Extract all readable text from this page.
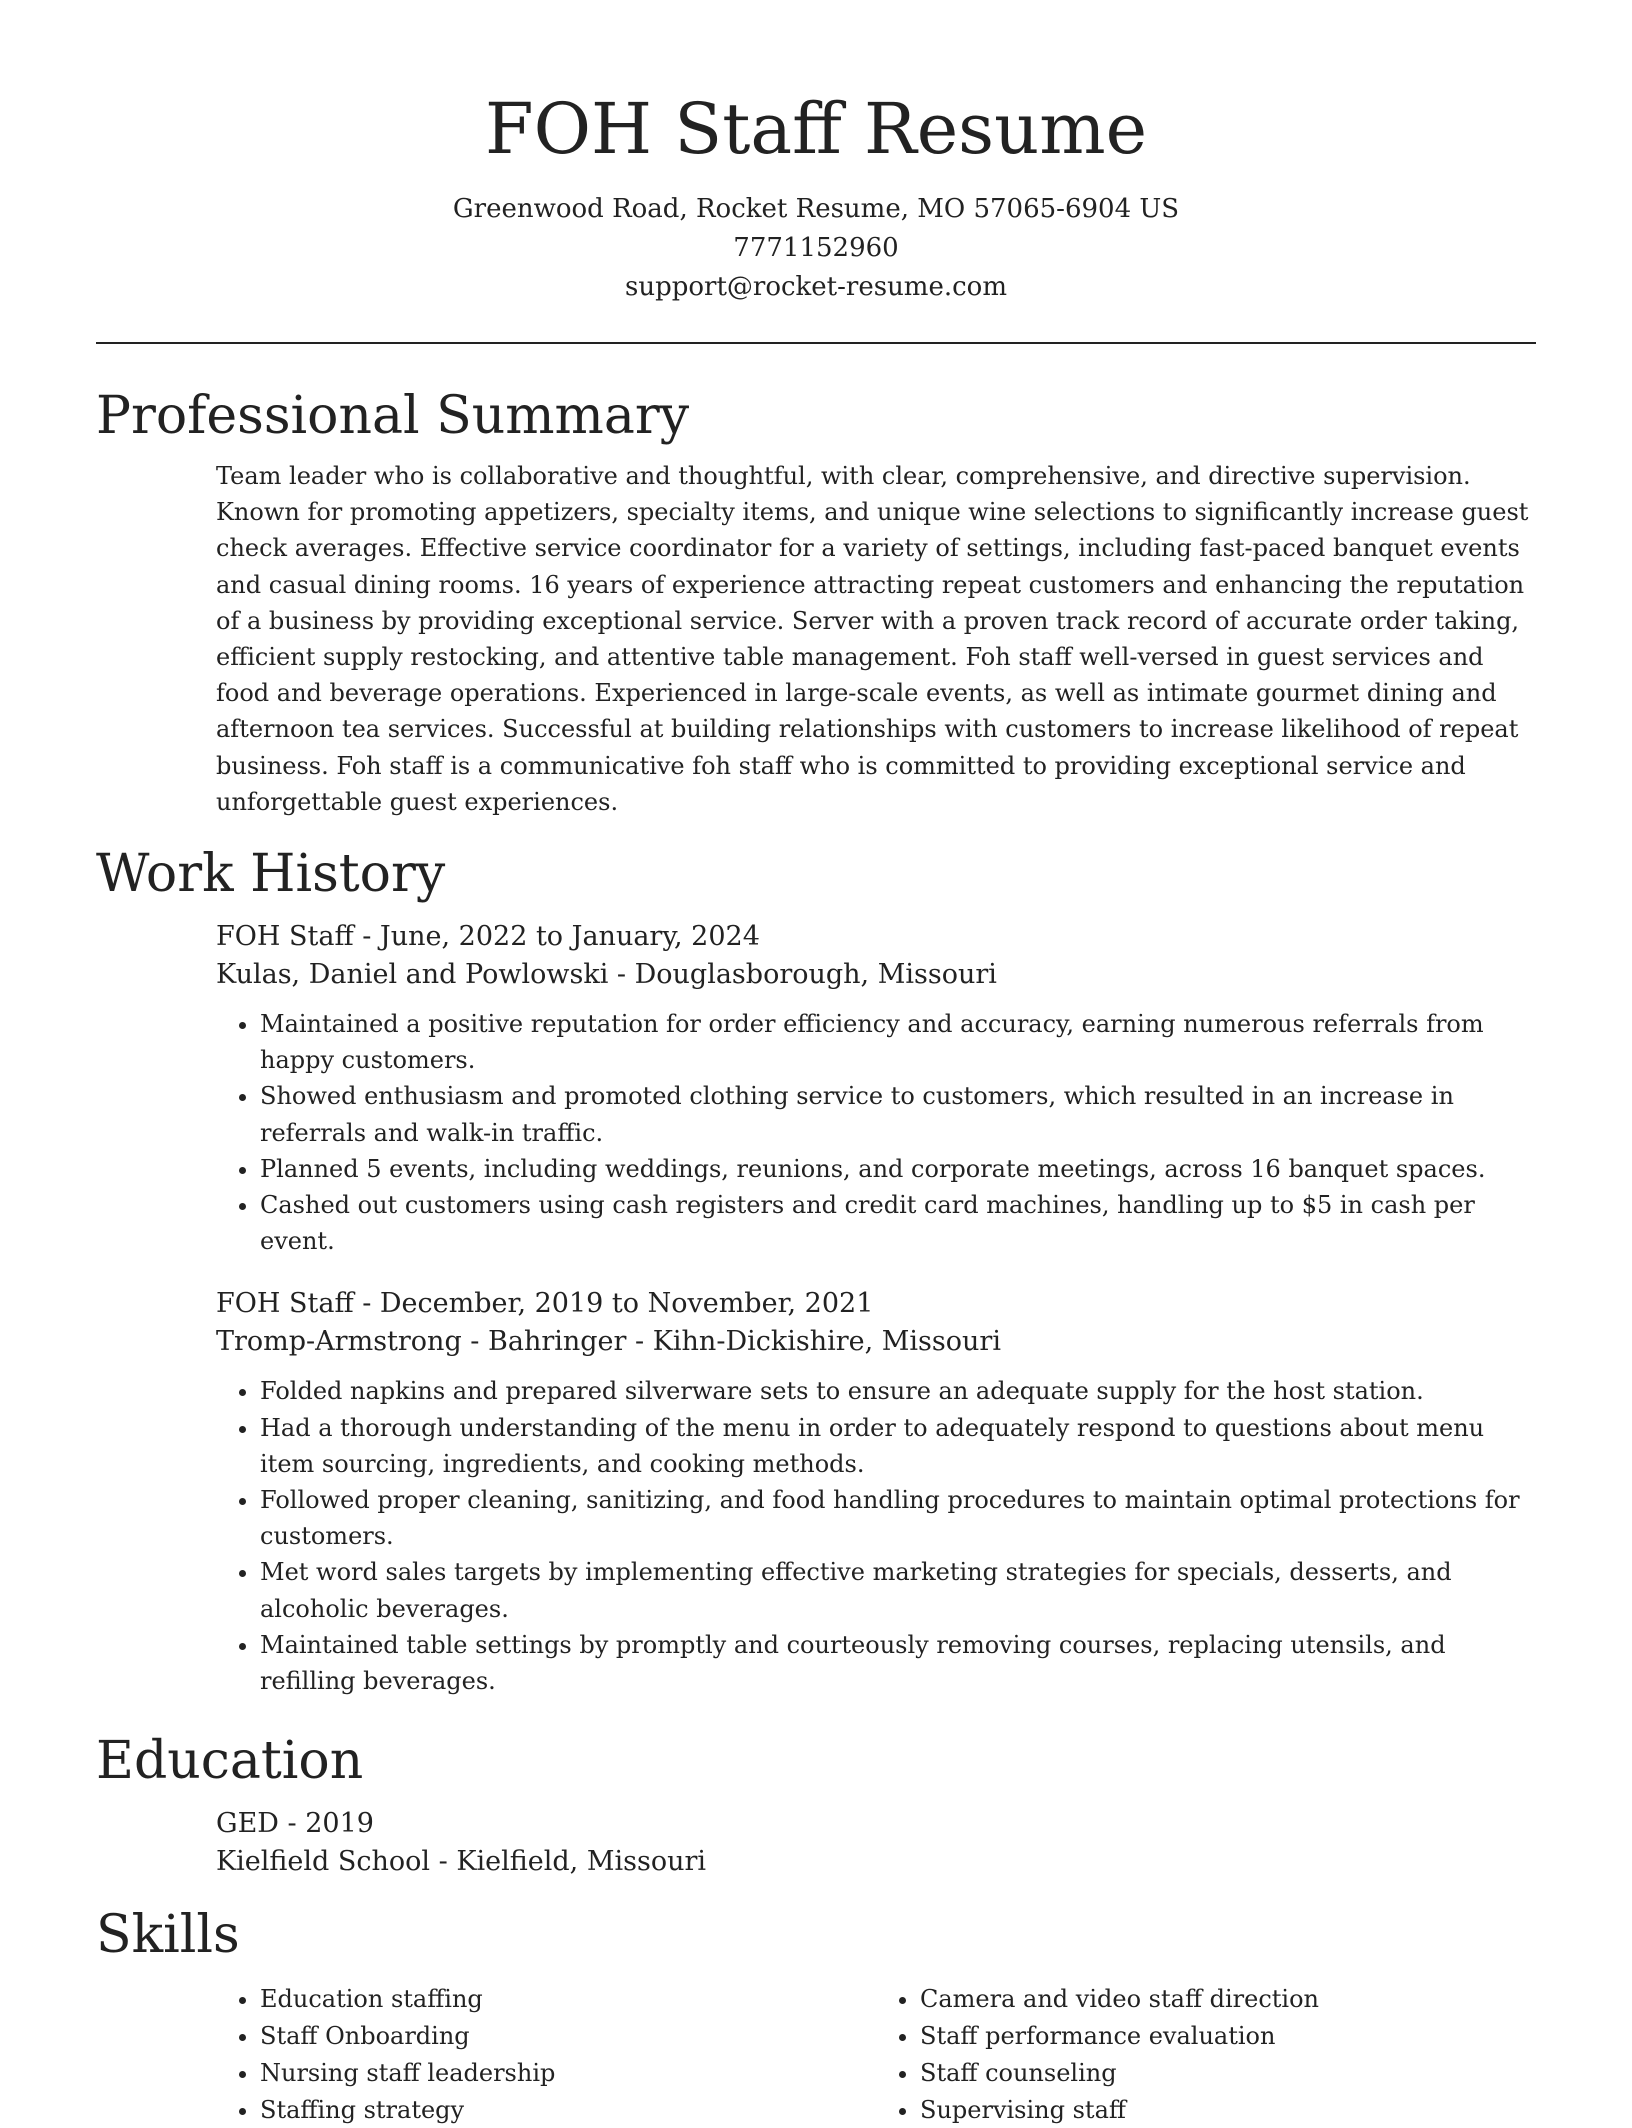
FOH Staff Resume
Greenwood Road, Rocket Resume, MO 57065-6904 US
7771152960
support@rocket-resume.com
Professional Summary

Team leader who is collaborative and thoughtful, with clear, comprehensive, and directive supervision. Known for promoting appetizers, specialty items, and unique wine selections to significantly increase guest check averages. Effective service coordinator for a variety of settings, including fast-paced banquet events and casual dining rooms. 16 years of experience attracting repeat customers and enhancing the reputation of a business by providing exceptional service. Server with a proven track record of accurate order taking, efficient supply restocking, and attentive table management. Foh staff well-versed in guest services and food and beverage operations. Experienced in large-scale events, as well as intimate gourmet dining and afternoon tea services. Successful at building relationships with customers to increase likelihood of repeat business. Foh staff is a communicative foh staff who is committed to providing exceptional service and unforgettable guest experiences.

Work History
FOH Staff - June, 2022 to January, 2024
Kulas, Daniel and Powlowski - Douglasborough, Missouri
• Maintained a positive reputation for order efficiency and accuracy, earning numerous referrals from happy customers.
• Showed enthusiasm and promoted clothing service to customers, which resulted in an increase in referrals and walk-in traffic.
• Planned 5 events, including weddings, reunions, and corporate meetings, across 16 banquet spaces.
• Cashed out customers using cash registers and credit card machines, handling up to $5 in cash per event.
FOH Staff - December, 2019 to November, 2021
Tromp-Armstrong - Bahringer - Kihn-Dickishire, Missouri
• Folded napkins and prepared silverware sets to ensure an adequate supply for the host station.
• Had a thorough understanding of the menu in order to adequately respond to questions about menu item sourcing, ingredients, and cooking methods.
• Followed proper cleaning, sanitizing, and food handling procedures to maintain optimal protections for customers.
• Met word sales targets by implementing effective marketing strategies for specials, desserts, and alcoholic beverages.
• Maintained table settings by promptly and courteously removing courses, replacing utensils, and refilling beverages.
Education
GED - 2019
Kielfield School - Kielfield, Missouri
Skills
• Education staffing
• Staff Onboarding
• Nursing staff leadership
• Staffing strategy
• Camera and video staff direction
• Staff performance evaluation
• Staff counseling
• Supervising staff
